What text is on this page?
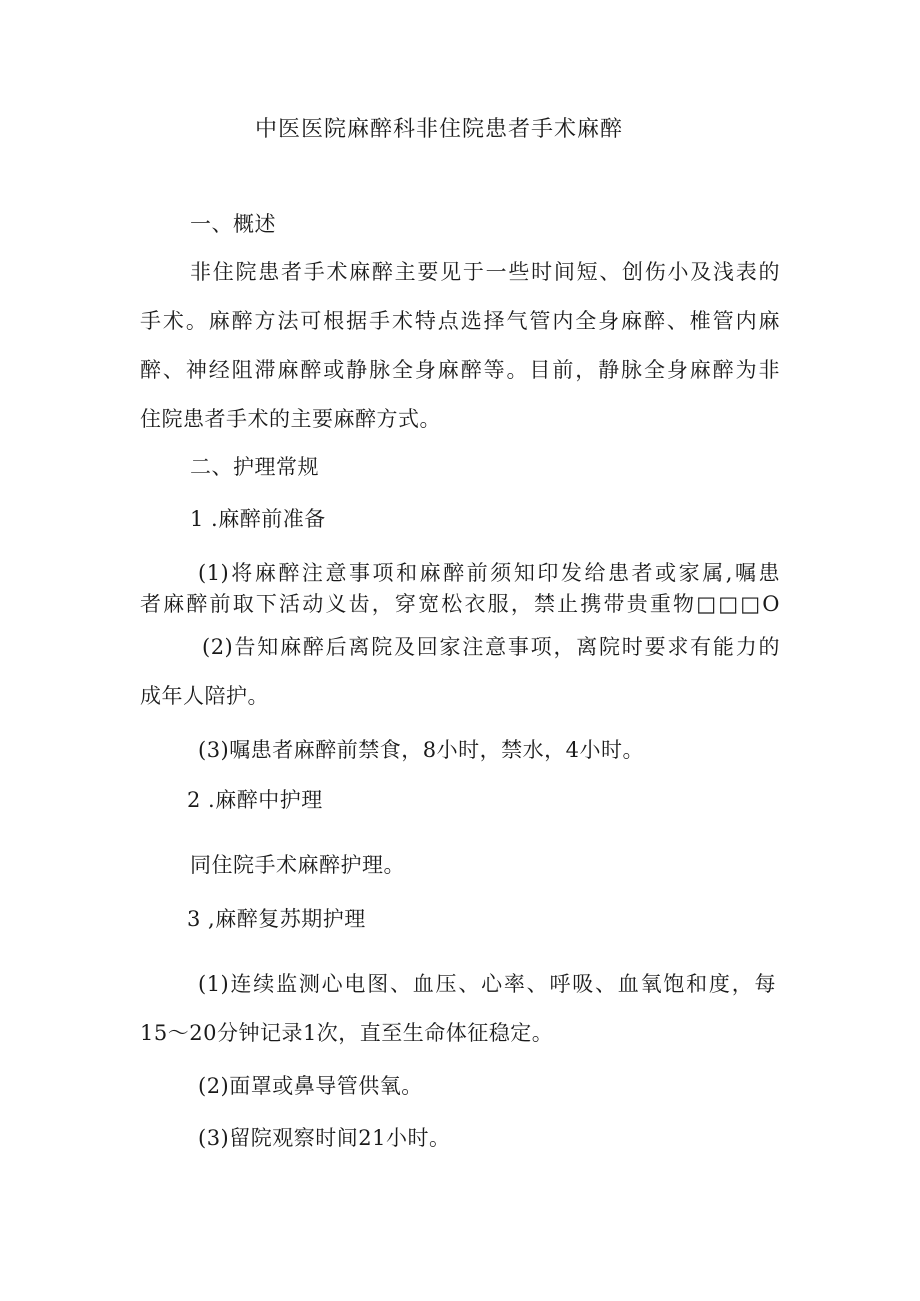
中医医院麻醉科非住院患者手术麻醉
一、概述
非住院患者手术麻醉主要见于一些时间短、创伤小及浅表的
手术。麻醉方法可根据手术特点选择气管内全身麻醉、椎管内麻
醉、神经阻滞麻醉或静脉全身麻醉等。目前，静脉全身麻醉为非
住院患者手术的主要麻醉方式。
二、护理常规
1 .麻醉前准备
(1)将麻醉注意事项和麻醉前须知印发给患者或家属,嘱患
者麻醉前取下活动义齿，穿宽松衣服，禁止携带贵重物□□□O
(2)告知麻醉后离院及回家注意事项，离院时要求有能力的
成年人陪护。
(3)嘱患者麻醉前禁食，8小时，禁水，4小时。
2 .麻醉中护理
同住院手术麻醉护理。
3 ,麻醉复苏期护理
(1)连续监测心电图、血压、心率、呼吸、血氧饱和度，每
15～20分钟记录1次，直至生命体征稳定。
(2)面罩或鼻导管供氧。
(3)留院观察时间21小时。
